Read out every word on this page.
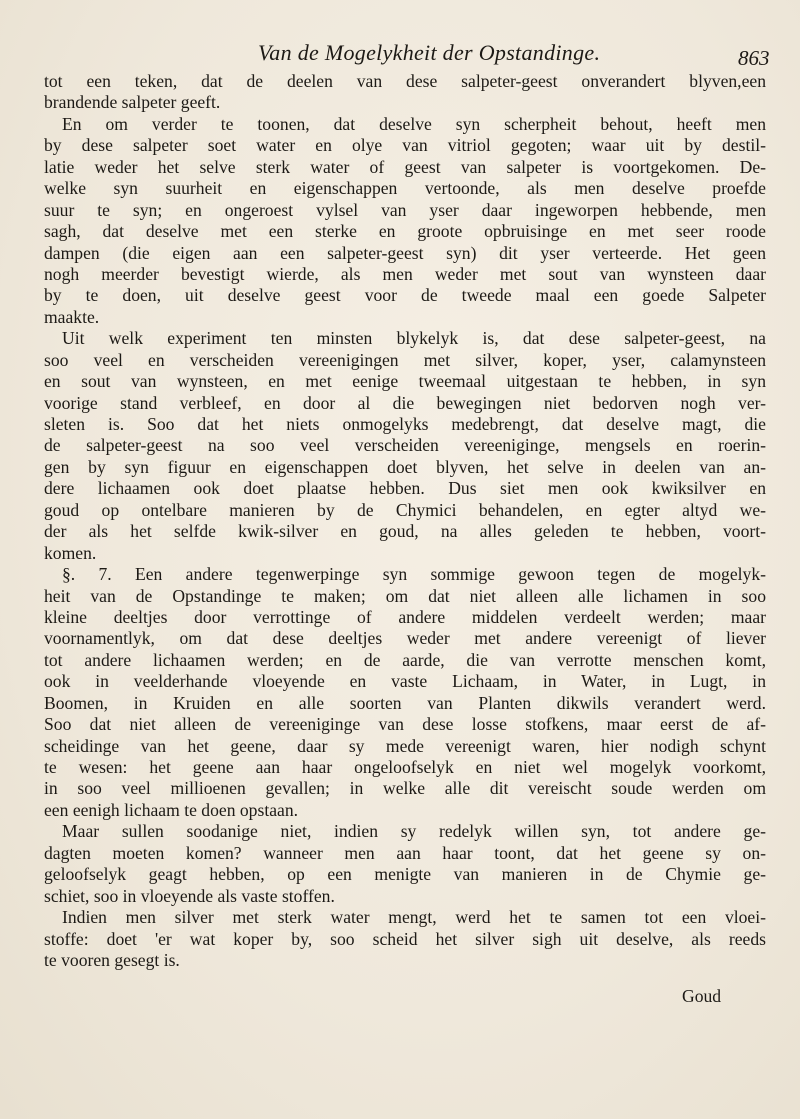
Van de Mogelykheit der Opstandinge.	863
tot een teken, dat de deelen van dese salpeter-geest onverandert blyven,een
brandende salpeter geeft.
En om verder te toonen, dat deselve syn scherpheit behout, heeft men
by dese salpeter soet water en olye van vitriol gegoten; waar uit by destil-
latie weder het selve sterk water of geest van salpeter is voortgekomen. De-
welke syn suurheit en eigenschappen vertoonde, als men deselve proefde
suur te syn; en ongeroest vylsel van yser daar ingeworpen hebbende, men
sagh, dat deselve met een sterke en groote opbruisinge en met seer roode
dampen (die eigen aan een salpeter-geest syn) dit yser verteerde. Het geen
nogh meerder bevestigt wierde, als men weder met sout van wynsteen daar
by te doen, uit deselve geest voor de tweede maal een goede Salpeter
maakte.
Uit welk experiment ten minsten blykelyk is, dat dese salpeter-geest, na
soo veel en verscheiden vereenigingen met silver, koper, yser, calamynsteen
en sout van wynsteen, en met eenige tweemaal uitgestaan te hebben, in syn
voorige stand verbleef, en door al die bewegingen niet bedorven nogh ver-
sleten is. Soo dat het niets onmogelyks medebrengt, dat deselve magt, die
de salpeter-geest na soo veel verscheiden vereeniginge, mengsels en roerin-
gen by syn figuur en eigenschappen doet blyven, het selve in deelen van an-
dere lichaamen ook doet plaatse hebben. Dus siet men ook kwiksilver en
goud op ontelbare manieren by de Chymici behandelen, en egter altyd we-
der als het selfde kwik-silver en goud, na alles geleden te hebben, voort-
komen.
§. 7. Een andere tegenwerpinge syn sommige gewoon tegen de mogelyk-
heit van de Opstandinge te maken; om dat niet alleen alle lichamen in soo
kleine deeltjes door verrottinge of andere middelen verdeelt werden; maar
voornamentlyk, om dat dese deeltjes weder met andere vereenigt of liever
tot andere lichaamen werden; en de aarde, die van verrotte menschen komt,
ook in veelderhande vloeyende en vaste Lichaam, in Water, in Lugt, in
Boomen, in Kruiden en alle soorten van Planten dikwils verandert werd.
Soo dat niet alleen de vereeniginge van dese losse stofkens, maar eerst de af-
scheidinge van het geene, daar sy mede vereenigt waren, hier nodigh schynt
te wesen: het geene aan haar ongeloofselyk en niet wel mogelyk voorkomt,
in soo veel millioenen gevallen; in welke alle dit vereischt soude werden om
een eenigh lichaam te doen opstaan.
Maar sullen soodanige niet, indien sy redelyk willen syn, tot andere ge-
dagten moeten komen? wanneer men aan haar toont, dat het geene sy on-
geloofselyk geagt hebben, op een menigte van manieren in de Chymie ge-
schiet, soo in vloeyende als vaste stoffen.
Indien men silver met sterk water mengt, werd het te samen tot een vloei-
stoffe: doet 'er wat koper by, soo scheid het silver sigh uit deselve, als reeds
te vooren gesegt is.
Goud
